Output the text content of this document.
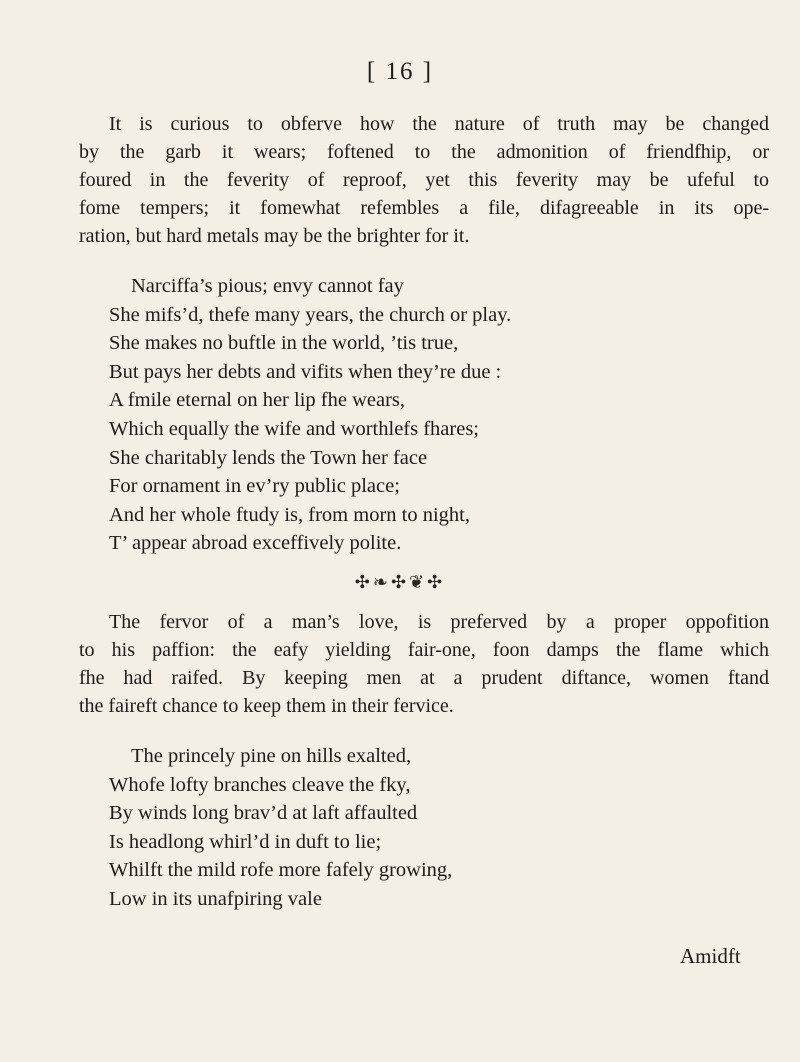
[ 16 ]
It is curious to obferve how the nature of truth may be changed
by the garb it wears; foftened to the admonition of friendfhip, or
foured in the feverity of reproof, yet this feverity may be ufeful to
fome tempers; it fomewhat refembles a file, difagreeable in its ope-
ration, but hard metals may be the brighter for it.
Narciffa’s pious; envy cannot fay
She mifs’d, thefe many years, the church or play.
She makes no buftle in the world, ’tis true,
But pays her debts and vifits when they’re due :
A fmile eternal on her lip fhe wears,
Which equally the wife and worthlefs fhares;
She charitably lends the Town her face
For ornament in ev’ry public place;
And her whole ftudy is, from morn to night,
T’ appear abroad exceffively polite.
✣❧✣❦✣
The fervor of a man’s love, is preferved by a proper oppofition
to his paffion: the eafy yielding fair-one, foon damps the flame which
fhe had raifed. By keeping men at a prudent diftance, women ftand
the faireft chance to keep them in their fervice.
The princely pine on hills exalted,
Whofe lofty branches cleave the fky,
By winds long brav’d at laft affaulted
Is headlong whirl’d in duft to lie;
Whilft the mild rofe more fafely growing,
Low in its unafpiring vale
Amidft
